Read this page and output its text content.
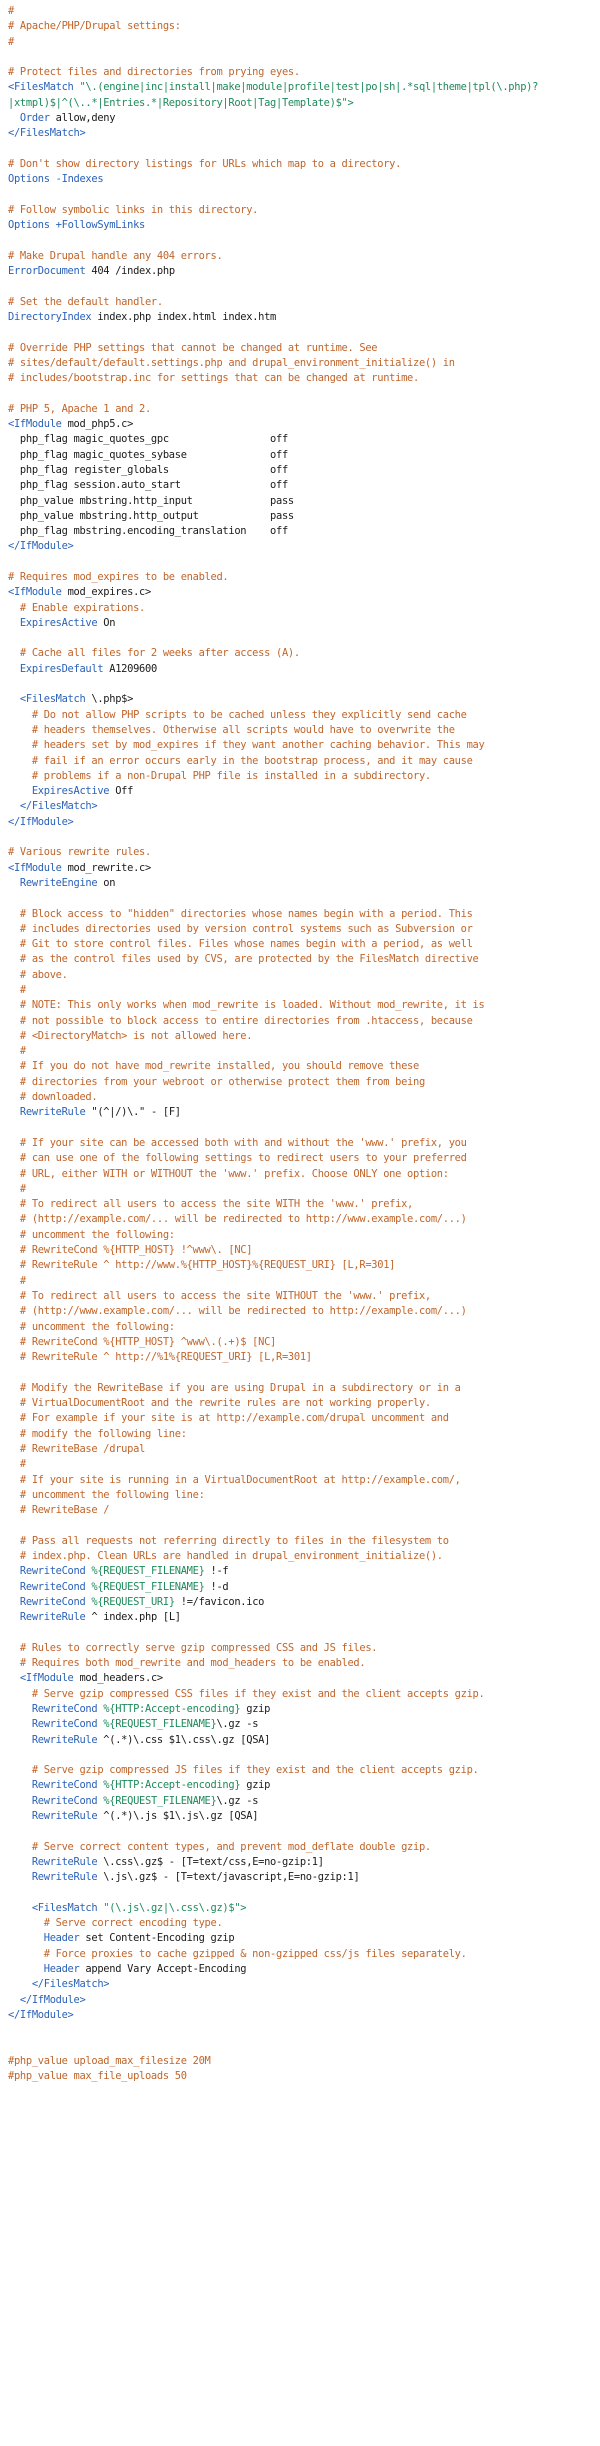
#
# Apache/PHP/Drupal settings:
#

# Protect files and directories from prying eyes.
<FilesMatch "\.(engine|inc|install|make|module|profile|test|po|sh|.*sql|theme|tpl(\.php)?
|xtmpl)$|^(\..*|Entries.*|Repository|Root|Tag|Template)$">
Order allow,deny
</FilesMatch>

# Don't show directory listings for URLs which map to a directory.
Options -Indexes

# Follow symbolic links in this directory.
Options +FollowSymLinks

# Make Drupal handle any 404 errors.
ErrorDocument 404 /index.php

# Set the default handler.
DirectoryIndex index.php index.html index.htm

# Override PHP settings that cannot be changed at runtime. See
# sites/default/default.settings.php and drupal_environment_initialize() in
# includes/bootstrap.inc for settings that can be changed at runtime.

# PHP 5, Apache 1 and 2.
<IfModule mod_php5.c>
php_flag magic_quotes_gpc                 off
php_flag magic_quotes_sybase              off
php_flag register_globals                 off
php_flag session.auto_start               off
php_value mbstring.http_input             pass
php_value mbstring.http_output            pass
php_flag mbstring.encoding_translation    off
</IfModule>

# Requires mod_expires to be enabled.
<IfModule mod_expires.c>
# Enable expirations.
ExpiresActive On

# Cache all files for 2 weeks after access (A).
ExpiresDefault A1209600

<FilesMatch \.php$>
# Do not allow PHP scripts to be cached unless they explicitly send cache
# headers themselves. Otherwise all scripts would have to overwrite the
# headers set by mod_expires if they want another caching behavior. This may
# fail if an error occurs early in the bootstrap process, and it may cause
# problems if a non-Drupal PHP file is installed in a subdirectory.
ExpiresActive Off
</FilesMatch>
</IfModule>

# Various rewrite rules.
<IfModule mod_rewrite.c>
RewriteEngine on

# Block access to "hidden" directories whose names begin with a period. This
# includes directories used by version control systems such as Subversion or
# Git to store control files. Files whose names begin with a period, as well
# as the control files used by CVS, are protected by the FilesMatch directive
# above.
#
# NOTE: This only works when mod_rewrite is loaded. Without mod_rewrite, it is
# not possible to block access to entire directories from .htaccess, because
# <DirectoryMatch> is not allowed here.
#
# If you do not have mod_rewrite installed, you should remove these
# directories from your webroot or otherwise protect them from being
# downloaded.
RewriteRule "(^|/)\." - [F]

# If your site can be accessed both with and without the 'www.' prefix, you
# can use one of the following settings to redirect users to your preferred
# URL, either WITH or WITHOUT the 'www.' prefix. Choose ONLY one option:
#
# To redirect all users to access the site WITH the 'www.' prefix,
# (http://example.com/... will be redirected to http://www.example.com/...)
# uncomment the following:
# RewriteCond %{HTTP_HOST} !^www\. [NC]
# RewriteRule ^ http://www.%{HTTP_HOST}%{REQUEST_URI} [L,R=301]
#
# To redirect all users to access the site WITHOUT the 'www.' prefix,
# (http://www.example.com/... will be redirected to http://example.com/...)
# uncomment the following:
# RewriteCond %{HTTP_HOST} ^www\.(.+)$ [NC]
# RewriteRule ^ http://%1%{REQUEST_URI} [L,R=301]

# Modify the RewriteBase if you are using Drupal in a subdirectory or in a
# VirtualDocumentRoot and the rewrite rules are not working properly.
# For example if your site is at http://example.com/drupal uncomment and
# modify the following line:
# RewriteBase /drupal
#
# If your site is running in a VirtualDocumentRoot at http://example.com/,
# uncomment the following line:
# RewriteBase /

# Pass all requests not referring directly to files in the filesystem to
# index.php. Clean URLs are handled in drupal_environment_initialize().
RewriteCond %{REQUEST_FILENAME} !-f
RewriteCond %{REQUEST_FILENAME} !-d
RewriteCond %{REQUEST_URI} !=/favicon.ico
RewriteRule ^ index.php [L]

# Rules to correctly serve gzip compressed CSS and JS files.
# Requires both mod_rewrite and mod_headers to be enabled.
<IfModule mod_headers.c>
# Serve gzip compressed CSS files if they exist and the client accepts gzip.
RewriteCond %{HTTP:Accept-encoding} gzip
RewriteCond %{REQUEST_FILENAME}\.gz -s
RewriteRule ^(.*)\.css $1\.css\.gz [QSA]

# Serve gzip compressed JS files if they exist and the client accepts gzip.
RewriteCond %{HTTP:Accept-encoding} gzip
RewriteCond %{REQUEST_FILENAME}\.gz -s
RewriteRule ^(.*)\.js $1\.js\.gz [QSA]

# Serve correct content types, and prevent mod_deflate double gzip.
RewriteRule \.css\.gz$ - [T=text/css,E=no-gzip:1]
RewriteRule \.js\.gz$ - [T=text/javascript,E=no-gzip:1]

<FilesMatch "(\.js\.gz|\.css\.gz)$">
# Serve correct encoding type.
Header set Content-Encoding gzip
# Force proxies to cache gzipped & non-gzipped css/js files separately.
Header append Vary Accept-Encoding
</FilesMatch>
</IfModule>
</IfModule>

#php_value upload_max_filesize 20M
#php_value max_file_uploads 50
